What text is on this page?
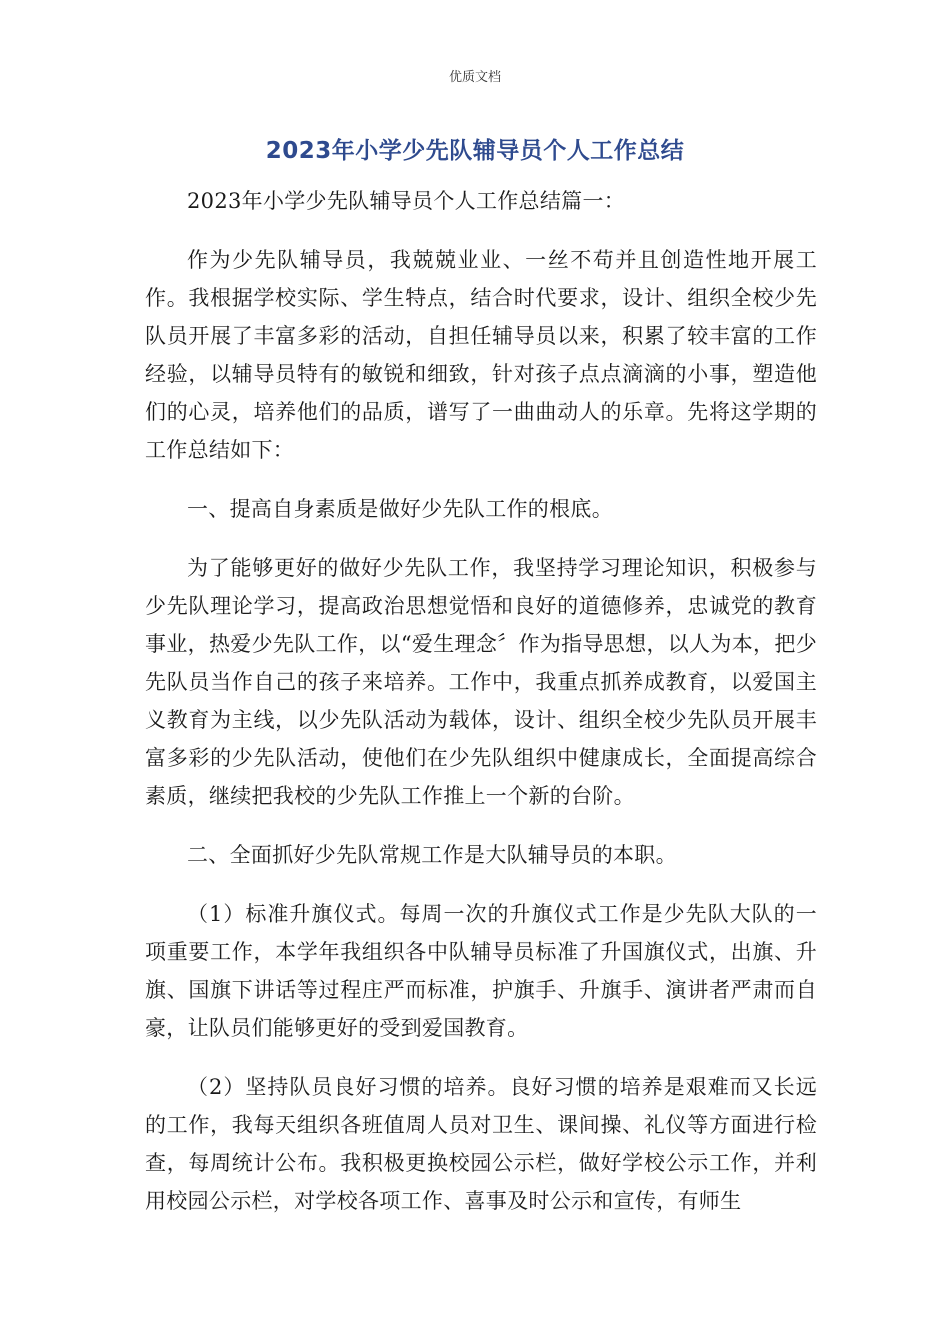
优质文档
2023年小学少先队辅导员个人工作总结

2023年小学少先队辅导员个人工作总结篇一：

作为少先队辅导员，我兢兢业业、一丝不苟并且创造性地开展工作。我根据学校实际、学生特点，结合时代要求，设计、组织全校少先队员开展了丰富多彩的活动，自担任辅导员以来，积累了较丰富的工作经验，以辅导员特有的敏锐和细致，针对孩子点点滴滴的小事，塑造他们的心灵，培养他们的品质，谱写了一曲曲动人的乐章。先将这学期的工作总结如下：

一、提高自身素质是做好少先队工作的根底。

为了能够更好的做好少先队工作，我坚持学习理论知识，积极参与少先队理论学习，提高政治思想觉悟和良好的道德修养，忠诚党的教育事业，热爱少先队工作，以“爱生理念〞作为指导思想，以人为本，把少先队员当作自己的孩子来培养。工作中，我重点抓养成教育，以爱国主义教育为主线，以少先队活动为载体，设计、组织全校少先队员开展丰富多彩的少先队活动，使他们在少先队组织中健康成长，全面提高综合素质，继续把我校的少先队工作推上一个新的台阶。

二、全面抓好少先队常规工作是大队辅导员的本职。

（1）标准升旗仪式。每周一次的升旗仪式工作是少先队大队的一项重要工作，本学年我组织各中队辅导员标准了升国旗仪式，出旗、升旗、国旗下讲话等过程庄严而标准，护旗手、升旗手、演讲者严肃而自豪，让队员们能够更好的受到爱国教育。

（2）坚持队员良好习惯的培养。良好习惯的培养是艰难而又长远的工作，我每天组织各班值周人员对卫生、课间操、礼仪等方面进行检查，每周统计公布。我积极更换校园公示栏，做好学校公示工作，并利用校园公示栏，对学校各项工作、喜事及时公示和宣传，有师生
